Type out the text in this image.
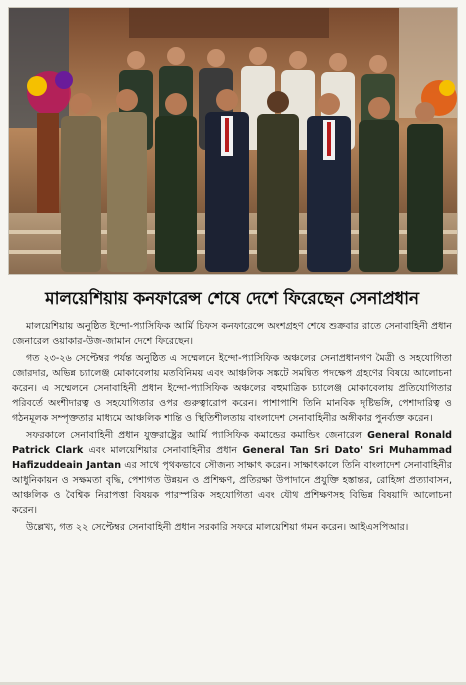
মালয়েশিয়ায় কনফারেন্স শেষে দেশে ফিরেছেন সেনাপ্রধান

মালয়েশিয়ায় অনুষ্ঠিত ইন্দো-প্যাসিফিক আর্মি চিফস কনফারেন্সে অংশগ্রহণ শেষে শুক্রবার রাতে সেনাবাহিনী প্রধান জেনারেল ওয়াকার-উজ-জামান দেশে ফিরেছেন।

গত ২৩-২৬ সেপ্টেম্বর পর্যন্ত অনুষ্ঠিত এ সম্মেলনে ইন্দো-প্যাসিফিক অঞ্চলের সেনাপ্রধানগণ মৈত্রী ও সহযোগিতা জোরদার, অভিন্ন চ্যালেঞ্জ মোকাবেলায় মতবিনিময় এবং আঞ্চলিক সঙ্কটে সমন্বিত পদক্ষেপ গ্রহণের বিষয়ে আলোচনা করেন। এ সম্মেলনে সেনাবাহিনী প্রধান ইন্দো-প্যাসিফিক অঞ্চলের বহুমাত্রিক চ্যালেঞ্জ মোকাবেলায় প্রতিযোগিতার পরিবর্তে অংশীদারত্ব ও সহযোগিতার ওপর গুরুত্বারোপ করেন। পাশাপাশি তিনি মানবিক দৃষ্টিভঙ্গি, পেশাদারিত্ব ও গঠনমূলক সম্পৃক্ততার মাধ্যমে আঞ্চলিক শান্তি ও স্থিতিশীলতায় বাংলাদেশ সেনাবাহিনীর অঙ্গীকার পুনর্ব্যক্ত করেন।

সফরকালে সেনাবাহিনী প্রধান যুক্তরাষ্ট্রের আর্মি প্যাসিফিক কমান্ডের কমান্ডিং জেনারেল General Ronald Patrick Clark এবং মালয়েশিয়ার সেনাবাহিনীর প্রধান General Tan Sri Dato' Sri Muhammad Hafizuddeain Jantan এর সাথে পৃথকভাবে সৌজন্য সাক্ষাৎ করেন। সাক্ষাৎকালে তিনি বাংলাদেশ সেনাবাহিনীর আধুনিকায়ন ও সক্ষমতা বৃদ্ধি, পেশাগত উন্নয়ন ও প্রশিক্ষণ, প্রতিরক্ষা উপাদানে প্রযুক্তি হস্তান্তর, রোহিঙ্গা প্রত্যাবাসন, আঞ্চলিক ও বৈশ্বিক নিরাপত্তা বিষয়ক পারস্পরিক সহযোগিতা এবং যৌথ প্রশিক্ষণসহ বিভিন্ন বিষয়াদি আলোচনা করেন।

উল্লেখ্য, গত ২২ সেপ্টেম্বর সেনাবাহিনী প্রধান সরকারি সফরে মালয়েশিয়া গমন করেন। আইএসপিআর।
